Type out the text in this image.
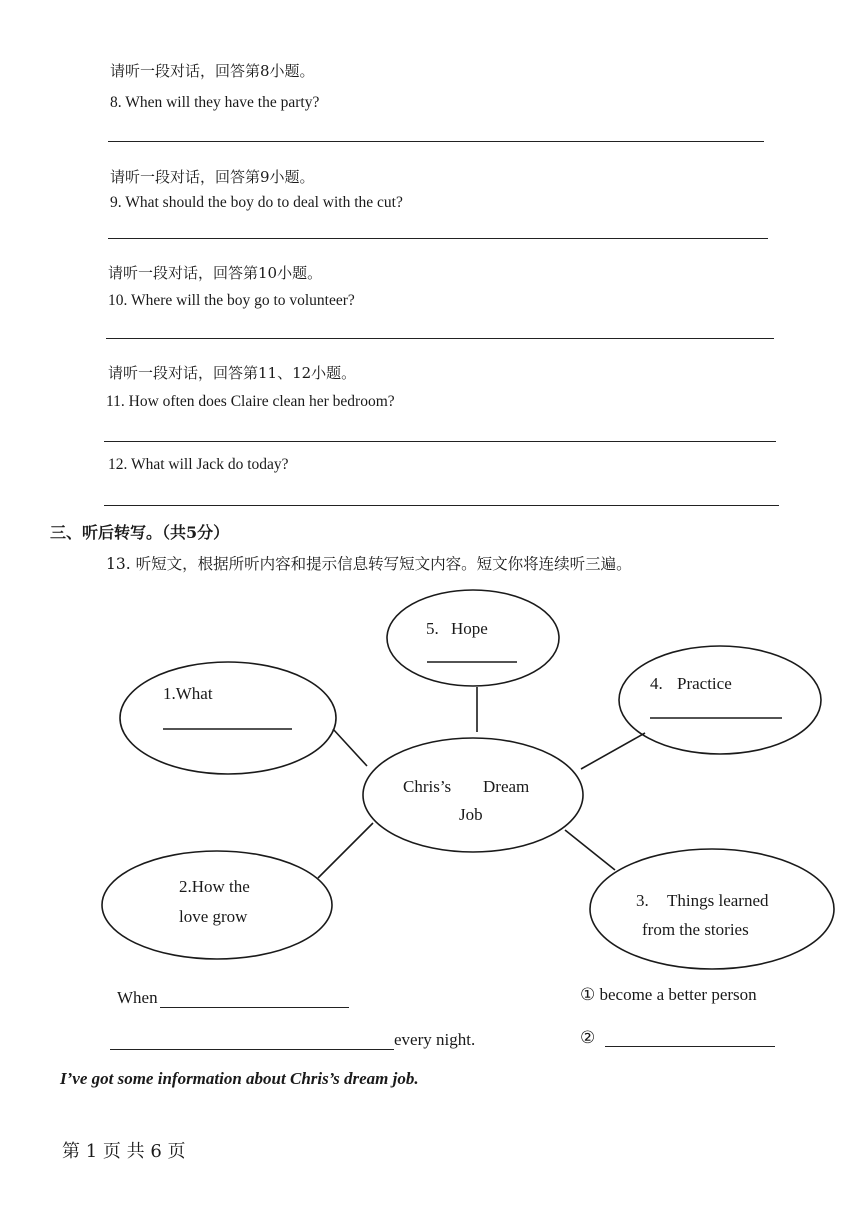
请听一段对话，回答第8小题。
8. When will they have the party?
请听一段对话，回答第9小题。
9. What should the boy do to deal with the cut?
请听一段对话，回答第10小题。
10. Where will the boy go to volunteer?
请听一段对话，回答第11、12小题。
11. How often does Claire clean her bedroom?
12. What will Jack do today?
三、听后转写。（共5分）
13. 听短文，根据所听内容和提示信息转写短文内容。短文你将连续听三遍。
Chris’s Dream
Job
1.What
5. Hope
4. Practice
2.How the
love grow
3. Things learned
from the stories
When
every night.
① become a better person
②
I’ve got some information about Chris’s dream job.
第 1 页 共 6 页
